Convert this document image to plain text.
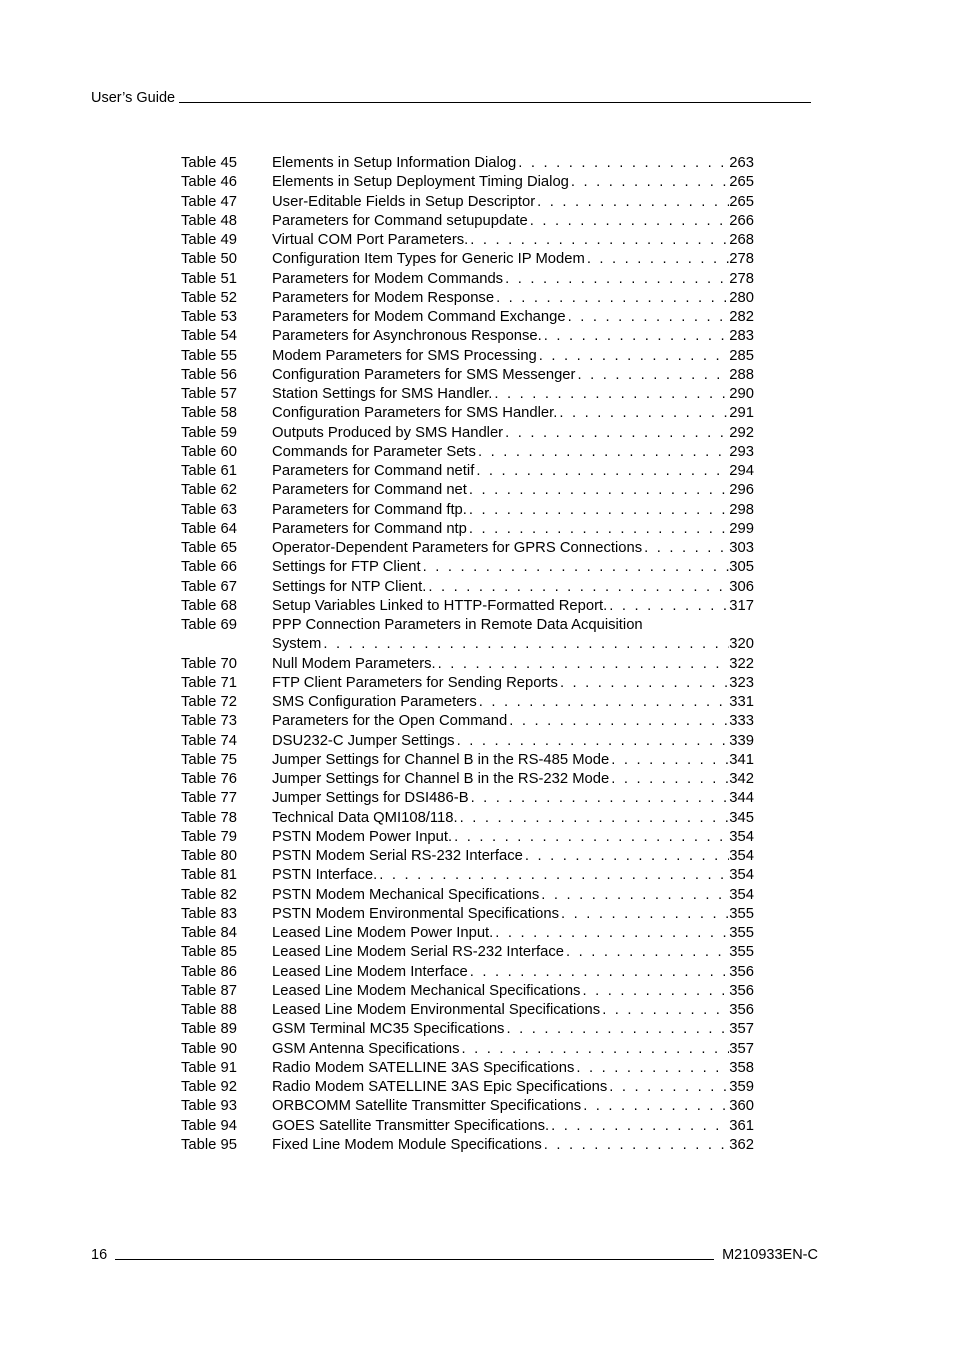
User’s Guide
Table 45	Elements in Setup Information Dialog . . .	263
Table 46	Elements in Setup Deployment Timing Dialog . . .	265
Table 47	User-Editable Fields in Setup Descriptor . . .	265
Table 48	Parameters for Command setupupdate . . .	266
Table 49	Virtual COM Port Parameters. . . .	268
Table 50	Configuration Item Types for Generic IP Modem . . .	278
Table 51	Parameters for Modem Commands . . .	278
Table 52	Parameters for Modem Response . . .	280
Table 53	Parameters for Modem Command Exchange . . .	282
Table 54	Parameters for Asynchronous Response. . . .	283
Table 55	Modem Parameters for SMS Processing . . .	285
Table 56	Configuration Parameters for SMS Messenger . . .	288
Table 57	Station Settings for SMS Handler. . . .	290
Table 58	Configuration Parameters for SMS Handler. . . .	291
Table 59	Outputs Produced by SMS Handler . . .	292
Table 60	Commands for Parameter Sets . . .	293
Table 61	Parameters for Command netif . . .	294
Table 62	Parameters for Command net . . .	296
Table 63	Parameters for Command ftp. . . .	298
Table 64	Parameters for Command ntp . . .	299
Table 65	Operator-Dependent Parameters for GPRS Connections . . .	303
Table 66	Settings for FTP Client . . .	305
Table 67	Settings for NTP Client. . . .	306
Table 68	Setup Variables Linked to HTTP-Formatted Report. . . .	317
Table 69	PPP Connection Parameters in Remote Data Acquisition
System . . .	320
Table 70	Null Modem Parameters. . . .	322
Table 71	FTP Client Parameters for Sending Reports . . .	323
Table 72	SMS Configuration Parameters . . .	331
Table 73	Parameters for the Open Command . . .	333
Table 74	DSU232-C Jumper Settings . . .	339
Table 75	Jumper Settings for Channel B in the RS-485 Mode . . .	341
Table 76	Jumper Settings for Channel B in the RS-232 Mode . . .	342
Table 77	Jumper Settings for DSI486-B . . .	344
Table 78	Technical Data QMI108/118. . . .	345
Table 79	PSTN Modem Power Input. . . .	354
Table 80	PSTN Modem Serial RS-232 Interface . . .	354
Table 81	PSTN Interface. . . .	354
Table 82	PSTN Modem Mechanical Specifications . . .	354
Table 83	PSTN Modem Environmental Specifications . . .	355
Table 84	Leased Line Modem Power Input. . . .	355
Table 85	Leased Line Modem Serial RS-232 Interface . . .	355
Table 86	Leased Line Modem Interface . . .	356
Table 87	Leased Line Modem Mechanical Specifications . . .	356
Table 88	Leased Line Modem Environmental Specifications . . .	356
Table 89	GSM Terminal MC35 Specifications . . .	357
Table 90	GSM Antenna Specifications . . .	357
Table 91	Radio Modem SATELLINE 3AS Specifications . . .	358
Table 92	Radio Modem SATELLINE 3AS Epic Specifications . . .	359
Table 93	ORBCOMM Satellite Transmitter Specifications . . .	360
Table 94	GOES Satellite Transmitter Specifications. . . .	361
Table 95	Fixed Line Modem Module Specifications . . .	362
16	M210933EN-C
